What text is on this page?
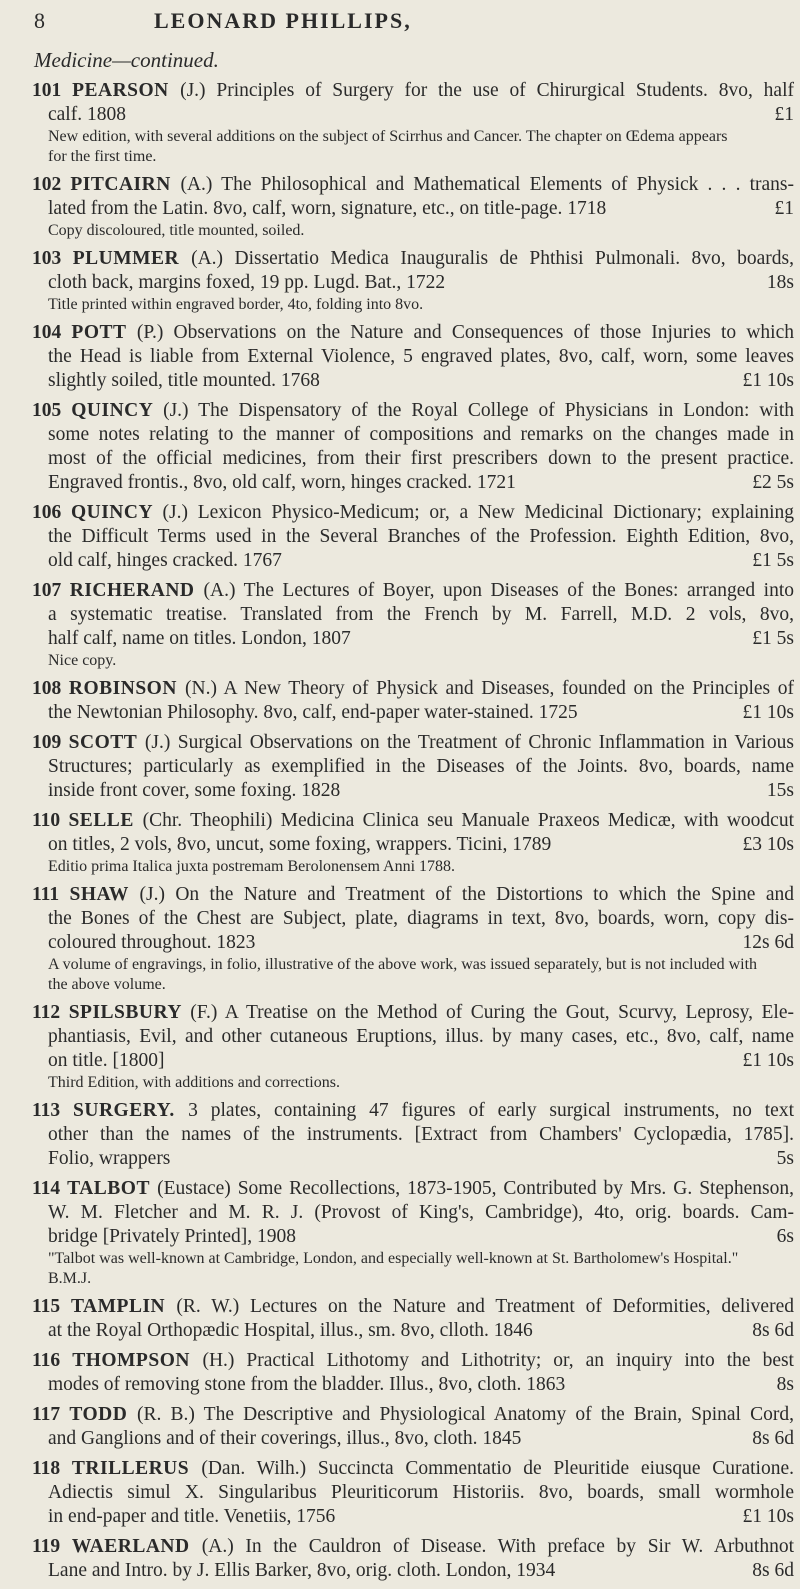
8	LEONARD PHILLIPS,
Medicine—continued.
101 PEARSON (J.) Principles of Surgery for the use of Chirurgical Students. 8vo, half
calf. 1808	£1
New edition, with several additions on the subject of Scirrhus and Cancer. The chapter on Œdema appears
for the first time.
102 PITCAIRN (A.) The Philosophical and Mathematical Elements of Physick . . . trans-
lated from the Latin. 8vo, calf, worn, signature, etc., on title-page. 1718	£1
Copy discoloured, title mounted, soiled.
103 PLUMMER (A.) Dissertatio Medica Inauguralis de Phthisi Pulmonali. 8vo, boards,
cloth back, margins foxed, 19 pp. Lugd. Bat., 1722	18s
Title printed within engraved border, 4to, folding into 8vo.
104 POTT (P.) Observations on the Nature and Consequences of those Injuries to which
the Head is liable from External Violence, 5 engraved plates, 8vo, calf, worn, some leaves
slightly soiled, title mounted. 1768	£1 10s
105 QUINCY (J.) The Dispensatory of the Royal College of Physicians in London: with
some notes relating to the manner of compositions and remarks on the changes made in
most of the official medicines, from their first prescribers down to the present practice.
Engraved frontis., 8vo, old calf, worn, hinges cracked. 1721	£2 5s
106 QUINCY (J.) Lexicon Physico-Medicum; or, a New Medicinal Dictionary; explaining
the Difficult Terms used in the Several Branches of the Profession. Eighth Edition, 8vo,
old calf, hinges cracked. 1767	£1 5s
107 RICHERAND (A.) The Lectures of Boyer, upon Diseases of the Bones: arranged into
a systematic treatise. Translated from the French by M. Farrell, M.D. 2 vols, 8vo,
half calf, name on titles. London, 1807	£1 5s
Nice copy.
108 ROBINSON (N.) A New Theory of Physick and Diseases, founded on the Principles of
the Newtonian Philosophy. 8vo, calf, end-paper water-stained. 1725	£1 10s
109 SCOTT (J.) Surgical Observations on the Treatment of Chronic Inflammation in Various
Structures; particularly as exemplified in the Diseases of the Joints. 8vo, boards, name
inside front cover, some foxing. 1828	15s
110 SELLE (Chr. Theophili) Medicina Clinica seu Manuale Praxeos Medicæ, with woodcut
on titles, 2 vols, 8vo, uncut, some foxing, wrappers. Ticini, 1789	£3 10s
Editio prima Italica juxta postremam Berolonensem Anni 1788.
111 SHAW (J.) On the Nature and Treatment of the Distortions to which the Spine and
the Bones of the Chest are Subject, plate, diagrams in text, 8vo, boards, worn, copy dis-
coloured throughout. 1823	12s 6d
A volume of engravings, in folio, illustrative of the above work, was issued separately, but is not included with
the above volume.
112 SPILSBURY (F.) A Treatise on the Method of Curing the Gout, Scurvy, Leprosy, Ele-
phantiasis, Evil, and other cutaneous Eruptions, illus. by many cases, etc., 8vo, calf, name
on title. [1800]	£1 10s
Third Edition, with additions and corrections.
113 SURGERY. 3 plates, containing 47 figures of early surgical instruments, no text
other than the names of the instruments. [Extract from Chambers' Cyclopædia, 1785].
Folio, wrappers	5s
114 TALBOT (Eustace) Some Recollections, 1873-1905, Contributed by Mrs. G. Stephenson,
W. M. Fletcher and M. R. J. (Provost of King's, Cambridge), 4to, orig. boards. Cam-
bridge [Privately Printed], 1908	6s
"Talbot was well-known at Cambridge, London, and especially well-known at St. Bartholomew's Hospital."
B.M.J.
115 TAMPLIN (R. W.) Lectures on the Nature and Treatment of Deformities, delivered
at the Royal Orthopædic Hospital, illus., sm. 8vo, clloth. 1846	8s 6d
116 THOMPSON (H.) Practical Lithotomy and Lithotrity; or, an inquiry into the best
modes of removing stone from the bladder. Illus., 8vo, cloth. 1863	8s
117 TODD (R. B.) The Descriptive and Physiological Anatomy of the Brain, Spinal Cord,
and Ganglions and of their coverings, illus., 8vo, cloth. 1845	8s 6d
118 TRILLERUS (Dan. Wilh.) Succincta Commentatio de Pleuritide eiusque Curatione.
Adiectis simul X. Singularibus Pleuriticorum Historiis. 8vo, boards, small wormhole
in end-paper and title. Venetiis, 1756	£1 10s
119 WAERLAND (A.) In the Cauldron of Disease. With preface by Sir W. Arbuthnot
Lane and Intro. by J. Ellis Barker, 8vo, orig. cloth. London, 1934	8s 6d
